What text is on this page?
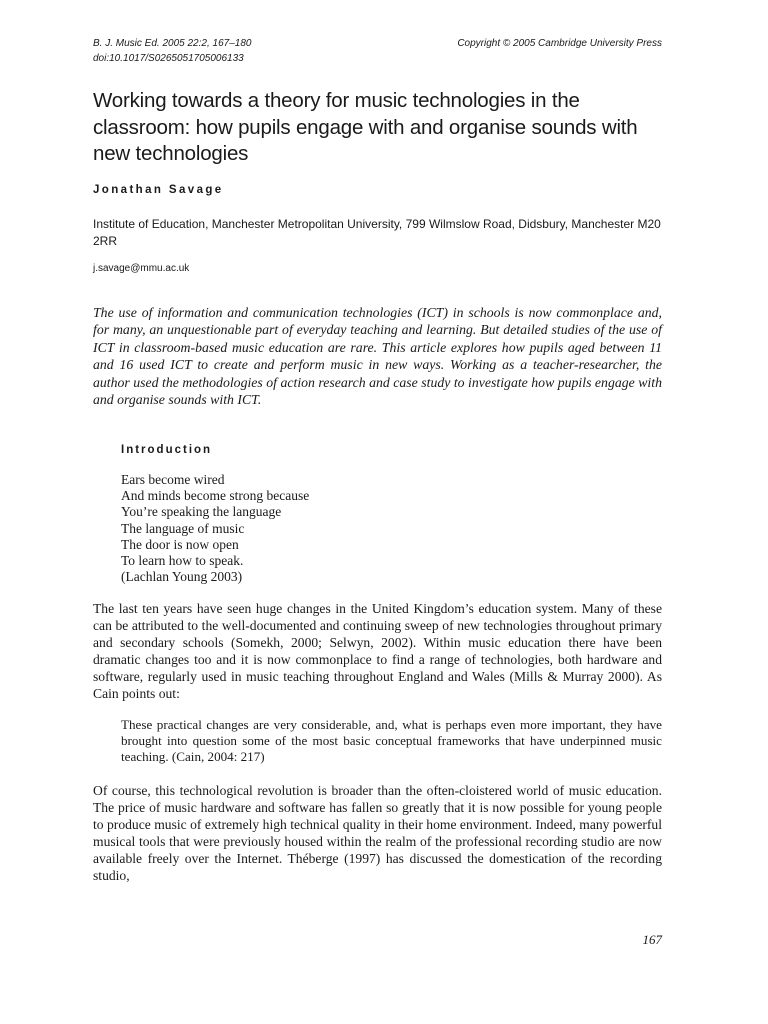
B. J. Music Ed. 2005 22:2, 167–180
doi:10.1017/S0265051705006133
Copyright © 2005 Cambridge University Press
Working towards a theory for music technologies in the classroom: how pupils engage with and organise sounds with new technologies
Jonathan Savage
Institute of Education, Manchester Metropolitan University, 799 Wilmslow Road, Didsbury, Manchester M20 2RR
j.savage@mmu.ac.uk

The use of information and communication technologies (ICT) in schools is now commonplace and, for many, an unquestionable part of everyday teaching and learning. But detailed studies of the use of ICT in classroom-based music education are rare. This article explores how pupils aged between 11 and 16 used ICT to create and perform music in new ways. Working as a teacher-researcher, the author used the methodologies of action research and case study to investigate how pupils engage with and organise sounds with ICT.

Introduction
Ears become wired
And minds become strong because
You’re speaking the language
The language of music
The door is now open
To learn how to speak.
(Lachlan Young 2003)

The last ten years have seen huge changes in the United Kingdom’s education system. Many of these can be attributed to the well-documented and continuing sweep of new technologies throughout primary and secondary schools (Somekh, 2000; Selwyn, 2002). Within music education there have been dramatic changes too and it is now commonplace to find a range of technologies, both hardware and software, regularly used in music teaching throughout England and Wales (Mills & Murray 2000). As Cain points out:

These practical changes are very considerable, and, what is perhaps even more important, they have brought into question some of the most basic conceptual frameworks that have underpinned music teaching. (Cain, 2004: 217)

Of course, this technological revolution is broader than the often-cloistered world of music education. The price of music hardware and software has fallen so greatly that it is now possible for young people to produce music of extremely high technical quality in their home environment. Indeed, many powerful musical tools that were previously housed within the realm of the professional recording studio are now available freely over the Internet. Théberge (1997) has discussed the domestication of the recording studio,

167
